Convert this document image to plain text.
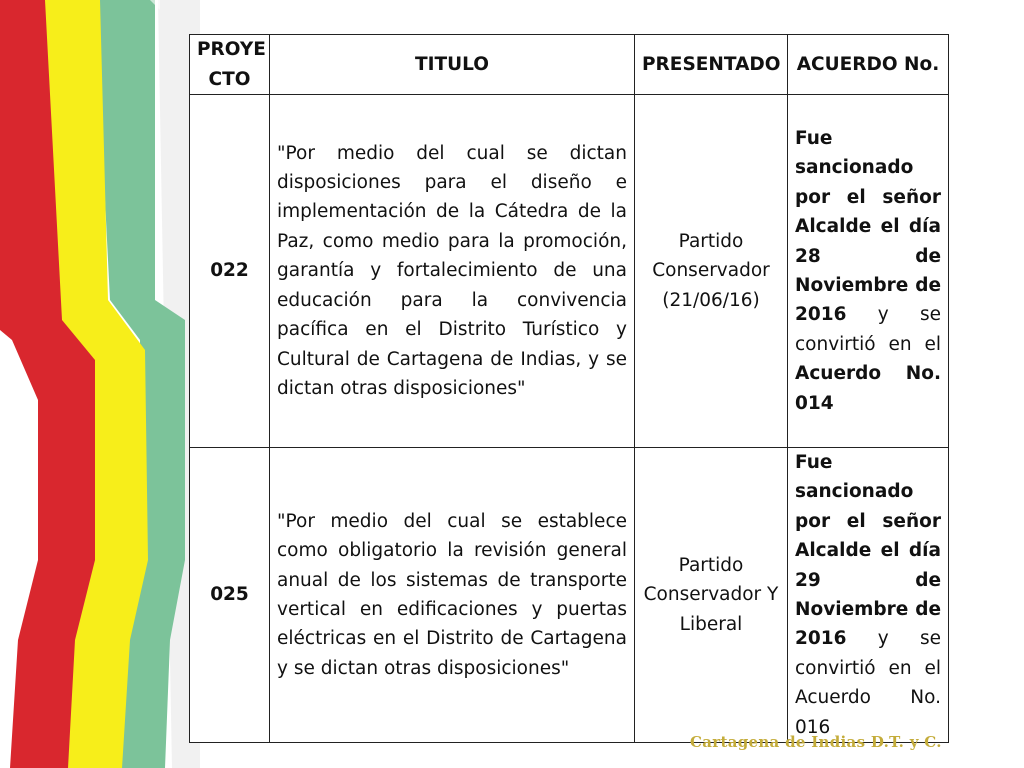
PROYE CTO	TITULO	PRESENTADO	ACUERDO No.
022	"Por medio del cual se dictan disposiciones para el diseño e implementación de la Cátedra de la Paz, como medio para la promoción, garantía y fortalecimiento de una educación para la convivencia pacífica en el Distrito Turístico y Cultural de Cartagena de Indias, y se dictan otras disposiciones"	Partido Conservador (21/06/16)	Fue sancionado por el señor Alcalde el día 28 de Noviembre de 2016 y se convirtió en el Acuerdo No. 014
025	"Por medio del cual se establece como obligatorio la revisión general anual de los sistemas de transporte vertical en edificaciones y puertas eléctricas en el Distrito de Cartagena y se dictan otras disposiciones"	Partido Conservador Y Liberal	Fue sancionado por el señor Alcalde el día 29 de Noviembre de 2016 y se convirtió en el Acuerdo No. 016
Cartagena de Indias D.T. y C.
